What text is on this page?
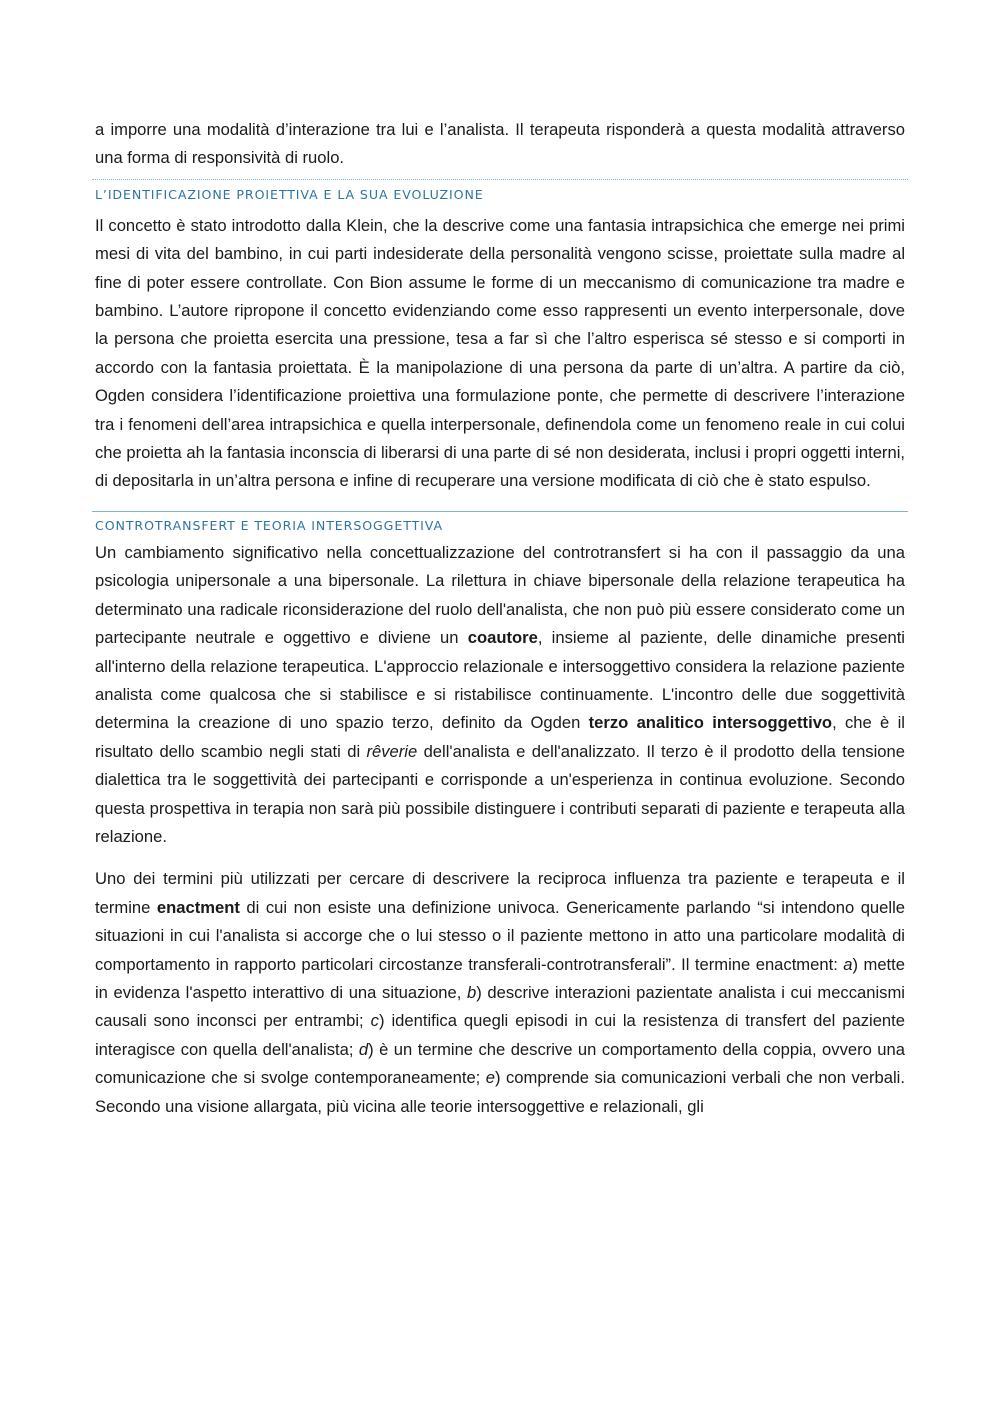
a imporre una modalità d’interazione tra lui e l’analista. Il terapeuta risponderà a questa modalità attraverso una forma di responsività di ruolo.

L’IDENTIFICAZIONE PROIETTIVA E LA SUA EVOLUZIONE

Il concetto è stato introdotto dalla Klein, che la descrive come una fantasia intrapsichica che emerge nei primi mesi di vita del bambino, in cui parti indesiderate della personalità vengono scisse, proiettate sulla madre al fine di poter essere controllate. Con Bion assume le forme di un meccanismo di comunicazione tra madre e bambino. L’autore ripropone il concetto evidenziando come esso rappresenti un evento interpersonale, dove la persona che proietta esercita una pressione, tesa a far sì che l’altro esperisca sé stesso e si comporti in accordo con la fantasia proiettata. È la manipolazione di una persona da parte di un’altra. A partire da ciò, Ogden considera l’identificazione proiettiva una formulazione ponte, che permette di descrivere l’interazione tra i fenomeni dell’area intrapsichica e quella interpersonale, definendola come un fenomeno reale in cui colui che proietta ah la fantasia inconscia di liberarsi di una parte di sé non desiderata, inclusi i propri oggetti interni, di depositarla in un’altra persona e infine di recuperare una versione modificata di ciò che è stato espulso.

CONTROTRANSFERT E TEORIA INTERSOGGETTIVA

Un cambiamento significativo nella concettualizzazione del controtransfert si ha con il passaggio da una psicologia unipersonale a una bipersonale. La rilettura in chiave bipersonale della relazione terapeutica ha determinato una radicale riconsiderazione del ruolo dell'analista, che non può più essere considerato come un partecipante neutrale e oggettivo e diviene un coautore, insieme al paziente, delle dinamiche presenti all'interno della relazione terapeutica. L'approccio relazionale e intersoggettivo considera la relazione paziente analista come qualcosa che si stabilisce e si ristabilisce continuamente. L'incontro delle due soggettività determina la creazione di uno spazio terzo, definito da Ogden terzo analitico intersoggettivo, che è il risultato dello scambio negli stati di rêverie dell'analista e dell'analizzato. Il terzo è il prodotto della tensione dialettica tra le soggettività dei partecipanti e corrisponde a un'esperienza in continua evoluzione. Secondo questa prospettiva in terapia non sarà più possibile distinguere i contributi separati di paziente e terapeuta alla relazione.

Uno dei termini più utilizzati per cercare di descrivere la reciproca influenza tra paziente e terapeuta e il termine enactment di cui non esiste una definizione univoca. Genericamente parlando “si intendono quelle situazioni in cui l'analista si accorge che o lui stesso o il paziente mettono in atto una particolare modalità di comportamento in rapporto particolari circostanze transferali-controtransferali”. Il termine enactment: a) mette in evidenza l'aspetto interattivo di una situazione, b) descrive interazioni pazientate analista i cui meccanismi causali sono inconsci per entrambi; c) identifica quegli episodi in cui la resistenza di transfert del paziente interagisce con quella dell'analista; d) è un termine che descrive un comportamento della coppia, ovvero una comunicazione che si svolge contemporaneamente; e) comprende sia comunicazioni verbali che non verbali. Secondo una visione allargata, più vicina alle teorie intersoggettive e relazionali, gli
